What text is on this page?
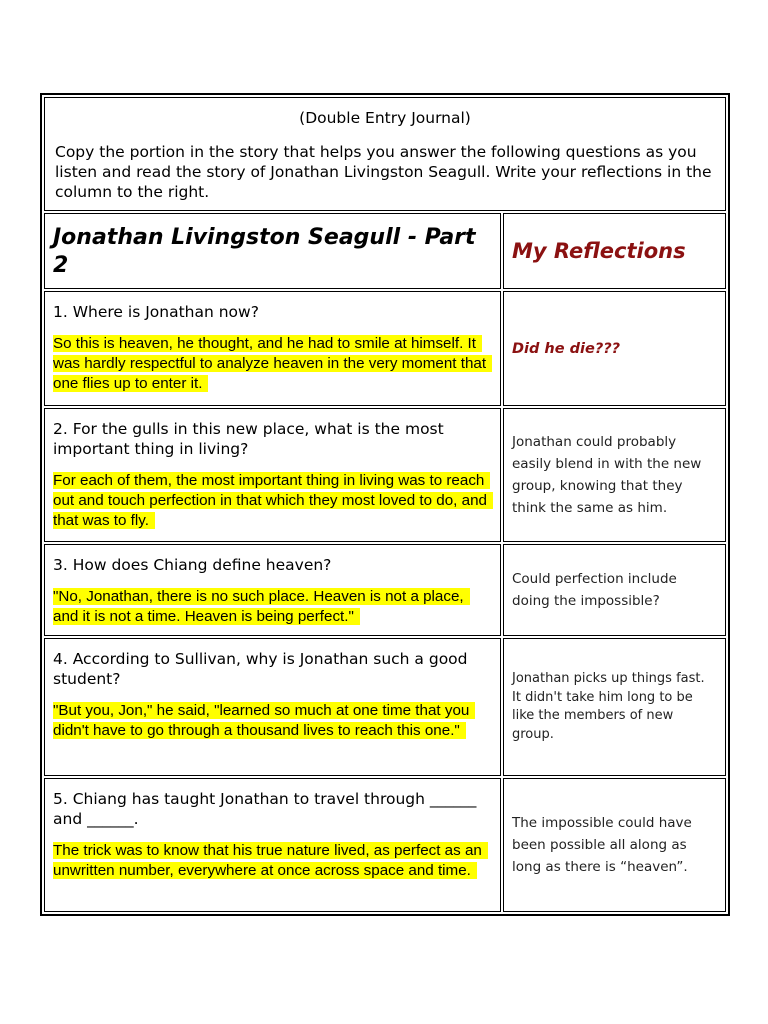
(Double Entry Journal)

Copy the portion in the story that helps you answer the following questions as you listen and read the story of Jonathan Livingston Seagull. Write your reflections in the column to the right.

Jonathan Livingston Seagull - Part 2
My Reflections

1. Where is Jonathan now?

So this is heaven, he thought, and he had to smile at himself. It was hardly respectful to analyze heaven in the very moment that one flies up to enter it.

Did he die???

2. For the gulls in this new place, what is the most important thing in living?

For each of them, the most important thing in living was to reach out and touch perfection in that which they most loved to do, and that was to fly.

Jonathan could probably easily blend in with the new group, knowing that they think the same as him.

3. How does Chiang define heaven?

"No, Jonathan, there is no such place. Heaven is not a place, and it is not a time. Heaven is being perfect."

Could perfection include doing the impossible?

4. According to Sullivan, why is Jonathan such a good student?

"But you, Jon," he said, "learned so much at one time that you didn't have to go through a thousand lives to reach this one."

Jonathan picks up things fast. It didn't take him long to be like the members of new group.

5. Chiang has taught Jonathan to travel through ______ and ______.

The trick was to know that his true nature lived, as perfect as an unwritten number, everywhere at once across space and time.

The impossible could have been possible all along as long as there is “heaven”.
